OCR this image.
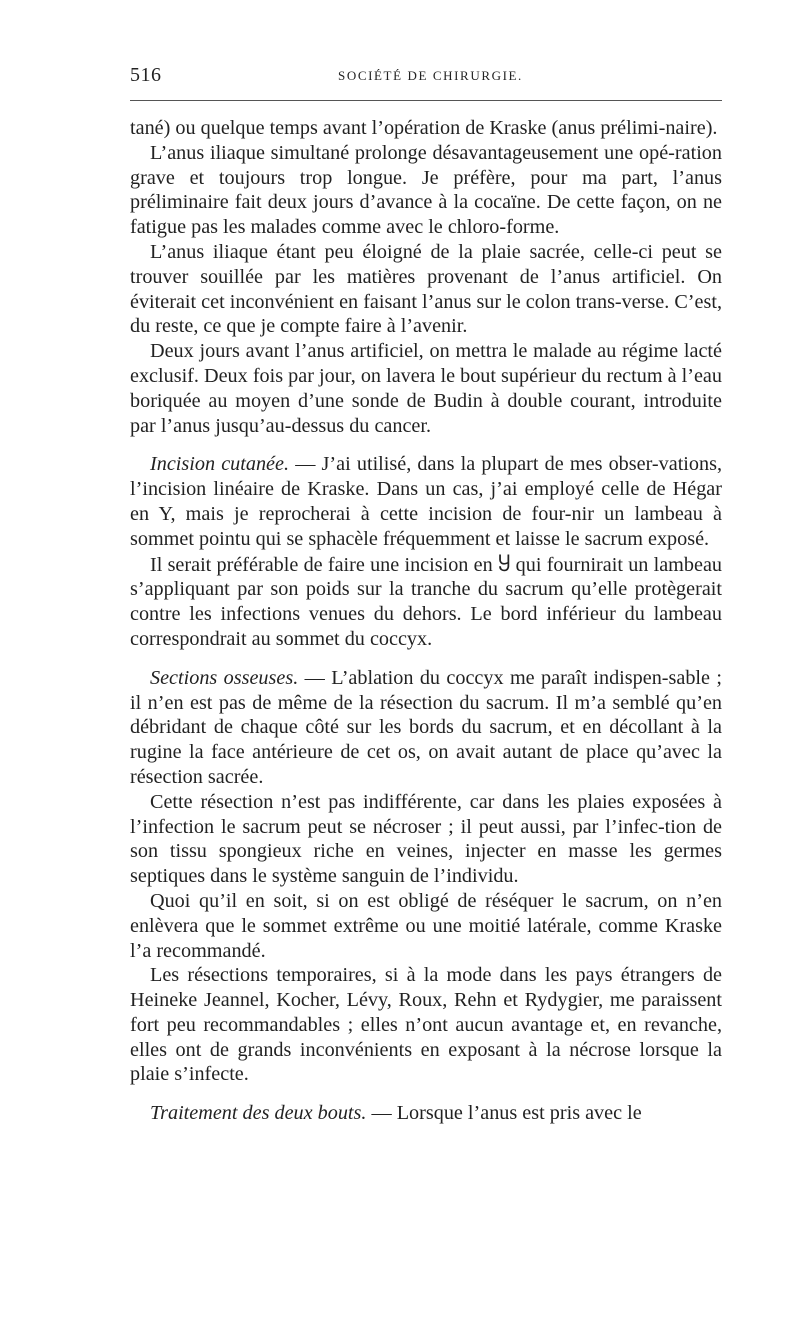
516	SOCIÉTÉ DE CHIRURGIE.

tané) ou quelque temps avant l’opération de Kraske (anus prélimi-naire).

L’anus iliaque simultané prolonge désavantageusement une opé-ration grave et toujours trop longue. Je préfère, pour ma part, l’anus préliminaire fait deux jours d’avance à la cocaïne. De cette façon, on ne fatigue pas les malades comme avec le chloro-forme.

L’anus iliaque étant peu éloigné de la plaie sacrée, celle-ci peut se trouver souillée par les matières provenant de l’anus artificiel. On éviterait cet inconvénient en faisant l’anus sur le colon trans-verse. C’est, du reste, ce que je compte faire à l’avenir.

Deux jours avant l’anus artificiel, on mettra le malade au régime lacté exclusif. Deux fois par jour, on lavera le bout supérieur du rectum à l’eau boriquée au moyen d’une sonde de Budin à double courant, introduite par l’anus jusqu’au-dessus du cancer.

Incision cutanée. — J’ai utilisé, dans la plupart de mes obser-vations, l’incision linéaire de Kraske. Dans un cas, j’ai employé celle de Hégar en Y, mais je reprocherai à cette incision de four-nir un lambeau à sommet pointu qui se sphacèle fréquemment et laisse le sacrum exposé.

Il serait préférable de faire une incision en Ⴘ qui fournirait un lambeau s’appliquant par son poids sur la tranche du sacrum qu’elle protègerait contre les infections venues du dehors. Le bord inférieur du lambeau correspondrait au sommet du coccyx.

Sections osseuses. — L’ablation du coccyx me paraît indispen-sable ; il n’en est pas de même de la résection du sacrum. Il m’a semblé qu’en débridant de chaque côté sur les bords du sacrum, et en décollant à la rugine la face antérieure de cet os, on avait autant de place qu’avec la résection sacrée.

Cette résection n’est pas indifférente, car dans les plaies exposées à l’infection le sacrum peut se nécroser ; il peut aussi, par l’infec-tion de son tissu spongieux riche en veines, injecter en masse les germes septiques dans le système sanguin de l’individu.

Quoi qu’il en soit, si on est obligé de réséquer le sacrum, on n’en enlèvera que le sommet extrême ou une moitié latérale, comme Kraske l’a recommandé.

Les résections temporaires, si à la mode dans les pays étrangers de Heineke Jeannel, Kocher, Lévy, Roux, Rehn et Rydygier, me paraissent fort peu recommandables ; elles n’ont aucun avantage et, en revanche, elles ont de grands inconvénients en exposant à la nécrose lorsque la plaie s’infecte.

Traitement des deux bouts. — Lorsque l’anus est pris avec le
